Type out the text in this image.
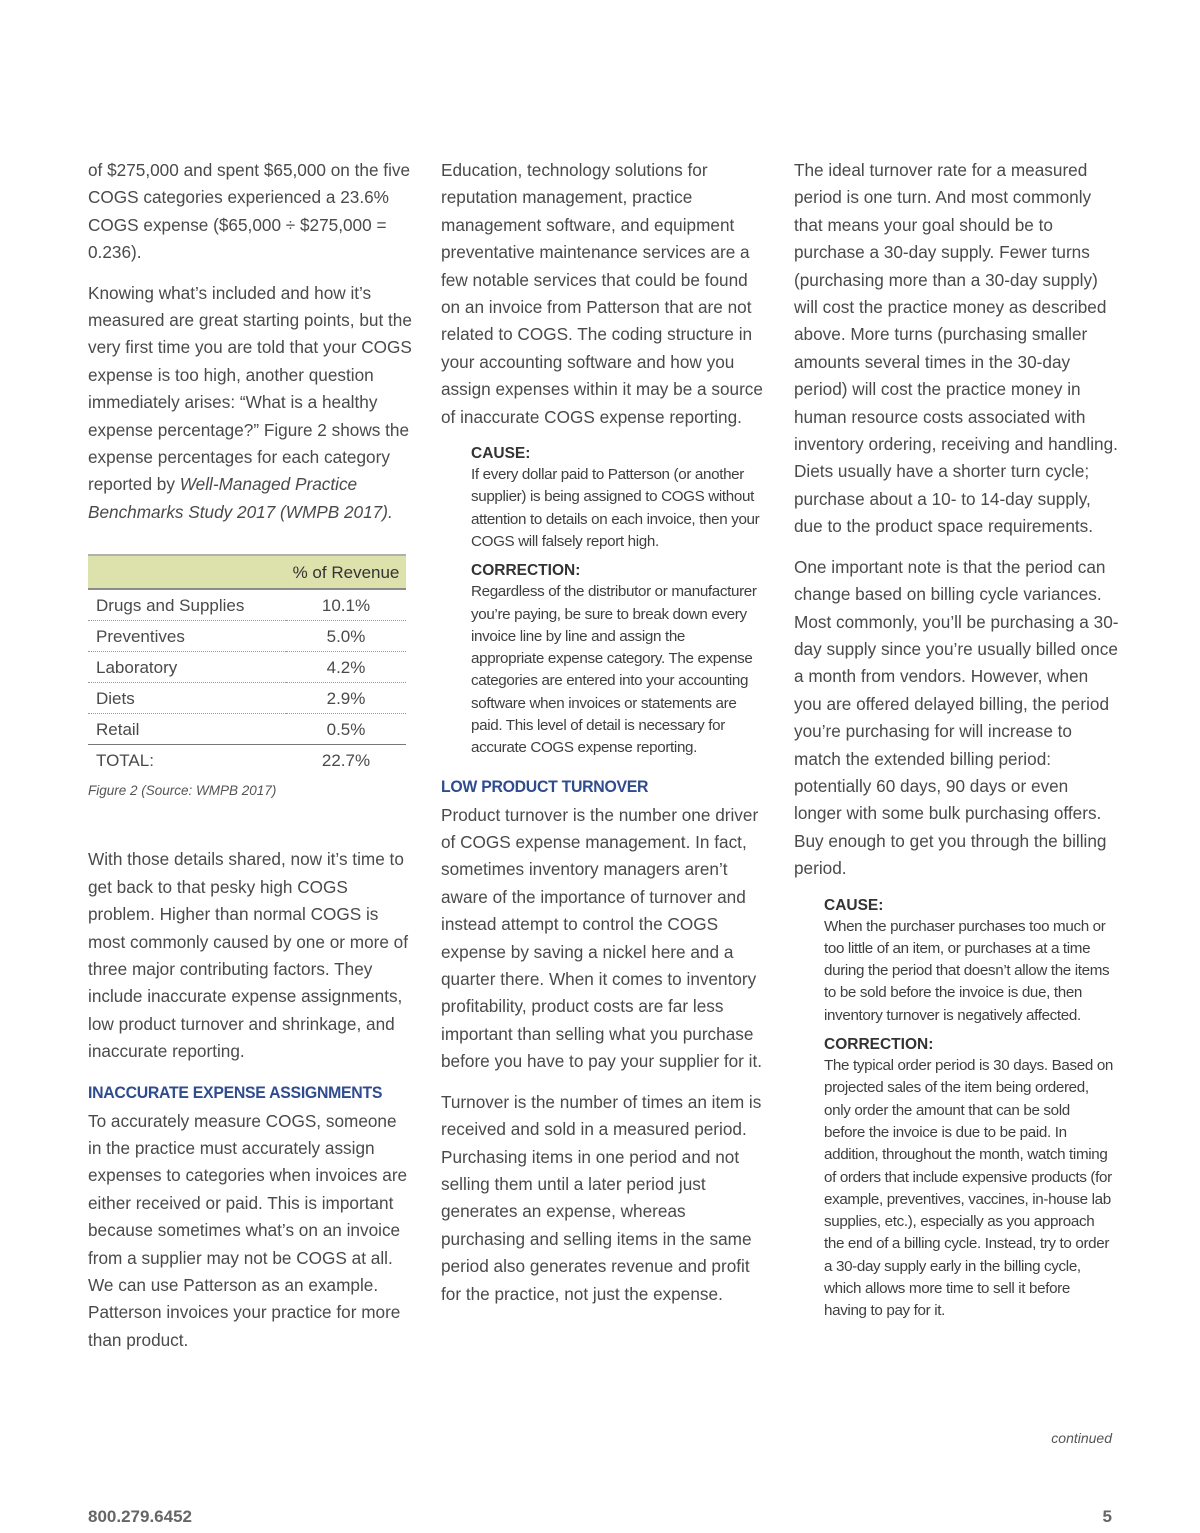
of $275,000 and spent $65,000 on the five COGS categories experienced a 23.6% COGS expense ($65,000 ÷ $275,000 = 0.236).

Knowing what’s included and how it’s measured are great starting points, but the very first time you are told that your COGS expense is too high, another question immediately arises: “What is a healthy expense percentage?” Figure 2 shows the expense percentages for each category reported by Well-Managed Practice Benchmarks Study 2017 (WMPB 2017).

	% of Revenue
Drugs and Supplies	10.1%
Preventives	5.0%
Laboratory	4.2%
Diets	2.9%
Retail	0.5%
TOTAL:	22.7%
Figure 2 (Source: WMPB 2017)

With those details shared, now it’s time to get back to that pesky high COGS problem. Higher than normal COGS is most commonly caused by one or more of three major contributing factors. They include inaccurate expense assignments, low product turnover and shrinkage, and inaccurate reporting.

INACCURATE EXPENSE ASSIGNMENTS

To accurately measure COGS, someone in the practice must accurately assign expenses to categories when invoices are either received or paid. This is important because sometimes what’s on an invoice from a supplier may not be COGS at all. We can use Patterson as an example. Patterson invoices your practice for more than product.

Education, technology solutions for reputation management, practice management software, and equipment preventative maintenance services are a few notable services that could be found on an invoice from Patterson that are not related to COGS. The coding structure in your accounting software and how you assign expenses within it may be a source of inaccurate COGS expense reporting.

CAUSE:

If every dollar paid to Patterson (or another supplier) is being assigned to COGS without attention to details on each invoice, then your COGS will falsely report high.

CORRECTION:

Regardless of the distributor or manufacturer you’re paying, be sure to break down every invoice line by line and assign the appropriate expense category. The expense categories are entered into your accounting software when invoices or statements are paid. This level of detail is necessary for accurate COGS expense reporting.

LOW PRODUCT TURNOVER

Product turnover is the number one driver of COGS expense management. In fact, sometimes inventory managers aren’t aware of the importance of turnover and instead attempt to control the COGS expense by saving a nickel here and a quarter there. When it comes to inventory profitability, product costs are far less important than selling what you purchase before you have to pay your supplier for it.

Turnover is the number of times an item is received and sold in a measured period. Purchasing items in one period and not selling them until a later period just generates an expense, whereas purchasing and selling items in the same period also generates revenue and profit for the practice, not just the expense.

The ideal turnover rate for a measured period is one turn. And most commonly that means your goal should be to purchase a 30-day supply. Fewer turns (purchasing more than a 30-day supply) will cost the practice money as described above. More turns (purchasing smaller amounts several times in the 30-day period) will cost the practice money in human resource costs associated with inventory ordering, receiving and handling. Diets usually have a shorter turn cycle; purchase about a 10- to 14-day supply, due to the product space requirements.

One important note is that the period can change based on billing cycle variances. Most commonly, you’ll be purchasing a 30-day supply since you’re usually billed once a month from vendors. However, when you are offered delayed billing, the period you’re purchasing for will increase to match the extended billing period: potentially 60 days, 90 days or even longer with some bulk purchasing offers. Buy enough to get you through the billing period.

CAUSE:

When the purchaser purchases too much or too little of an item, or purchases at a time during the period that doesn’t allow the items to be sold before the invoice is due, then inventory turnover is negatively affected.

CORRECTION:

The typical order period is 30 days. Based on projected sales of the item being ordered, only order the amount that can be sold before the invoice is due to be paid. In addition, throughout the month, watch timing of orders that include expensive products (for example, preventives, vaccines, in-house lab supplies, etc.), especially as you approach the end of a billing cycle. Instead, try to order a 30-day supply early in the billing cycle, which allows more time to sell it before having to pay for it.

continued
800.279.6452	5
